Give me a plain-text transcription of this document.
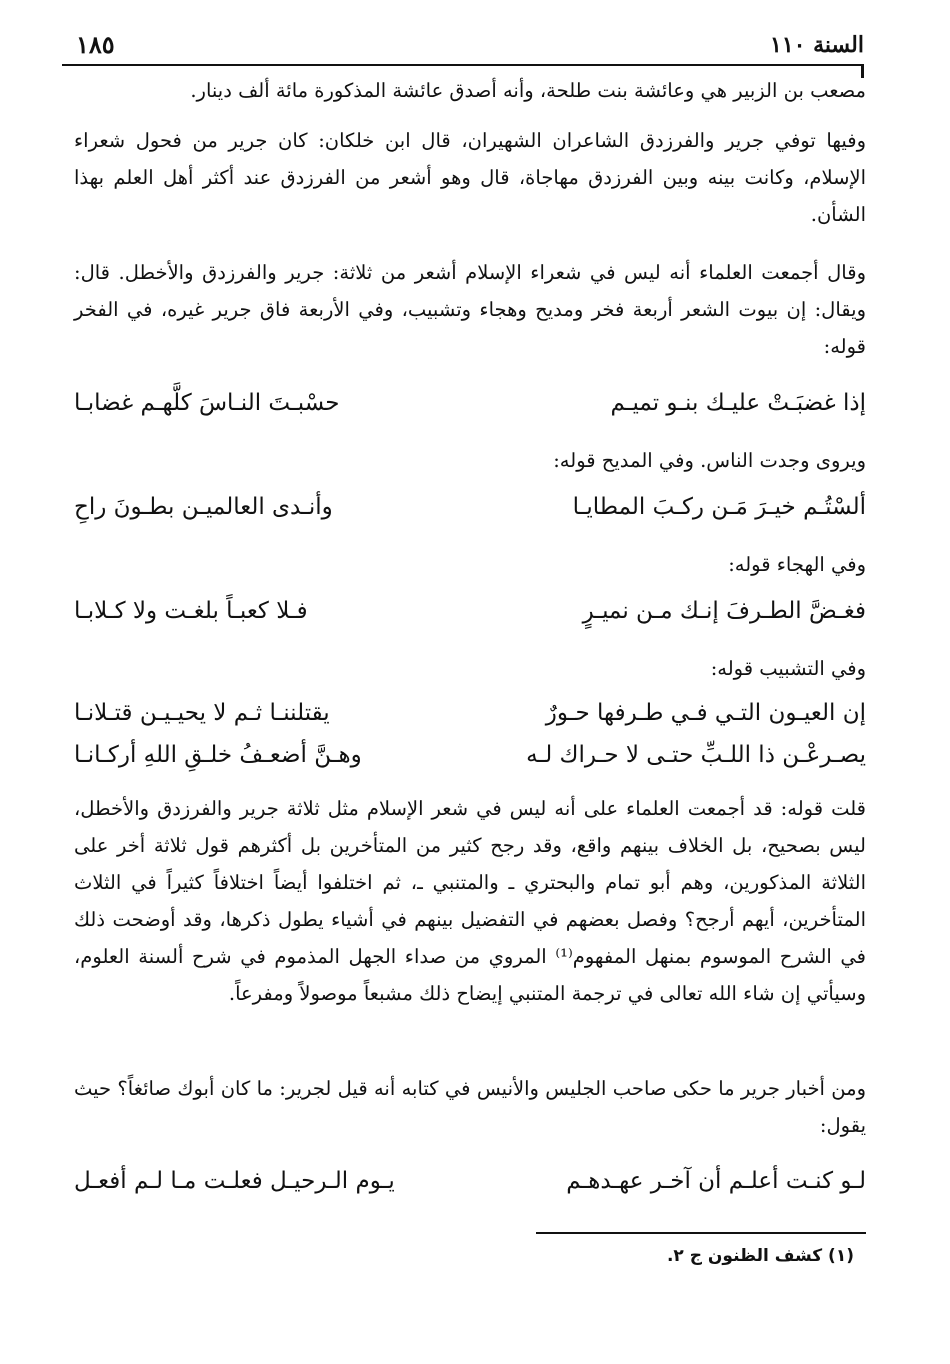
١٨٥	السنة ١١٠
مصعب بن الزبير هي وعائشة بنت طلحة، وأنه أصدق عائشة المذكورة مائة ألف دينار.
وفيها توفي جرير والفرزدق الشاعران الشهيران، قال ابن خلكان: كان جرير من فحول شعراء الإسلام، وكانت بينه وبين الفرزدق مهاجاة، قال وهو أشعر من الفرزدق عند أكثر أهل العلم بهذا الشأن.
وقال أجمعت العلماء أنه ليس في شعراء الإسلام أشعر من ثلاثة: جرير والفرزدق والأخطل. قال: ويقال: إن بيوت الشعر أربعة فخر ومديح وهجاء وتشبيب، وفي الأربعة فاق جرير غيره، في الفخر قوله:
إذا غضبَـتْ عليـك بنـو تميـم
حسْبـتَ النـاسَ كلَّهـم غضابـا
ويروى وجدت الناس. وفي المديح قوله:
ألسْتُـم خيـرَ مَـن ركـبَ المطايـا
وأنـدى العالميـن بطـونَ راحِ
وفي الهجاء قوله:
فغـضَّ الطـرفَ إنـك مـن نميـرٍ
فـلا كعبـاً بلغـت ولا كـلابـا
وفي التشبيب قوله:
إن العيـون التـي فـي طـرفها حـورٌ
يقتلننـا ثـم لا يحيـيـن قتـلانـا
يصـرعْـن ذا اللـبِّ حتـى لا حـراك لـه
وهـنَّ أضعـفُ خلـقِ اللهِ أركـانـا
قلت قوله: قد أجمعت العلماء على أنه ليس في شعر الإسلام مثل ثلاثة جرير والفرزدق والأخطل، ليس بصحيح، بل الخلاف بينهم واقع، وقد رجح كثير من المتأخرين بل أكثرهم قول ثلاثة أخر على الثلاثة المذكورين، وهم أبو تمام والبحتري ـ والمتنبي ـ، ثم اختلفوا أيضاً اختلافاً كثيراً في الثلاث المتأخرين، أيهم أرجح؟ وفصل بعضهم في التفضيل بينهم في أشياء يطول ذكرها، وقد أوضحت ذلك في الشرح الموسوم بمنهل المفهوم⁽¹⁾ المروي من صداء الجهل المذموم في شرح ألسنة العلوم، وسيأتي إن شاء الله تعالى في ترجمة المتنبي إيضاح ذلك مشبعاً موصولاً ومفرعاً.
ومن أخبار جرير ما حكى صاحب الجليس والأنيس في كتابه أنه قيل لجرير: ما كان أبوك صائغاً؟ حيث يقول:
لـو كنـت أعلـم أن آخـر عهـدهـم
يـوم الـرحيـل فعلـت مـا لـم أفعـل
(١) كشف الظنون ج ٢.
